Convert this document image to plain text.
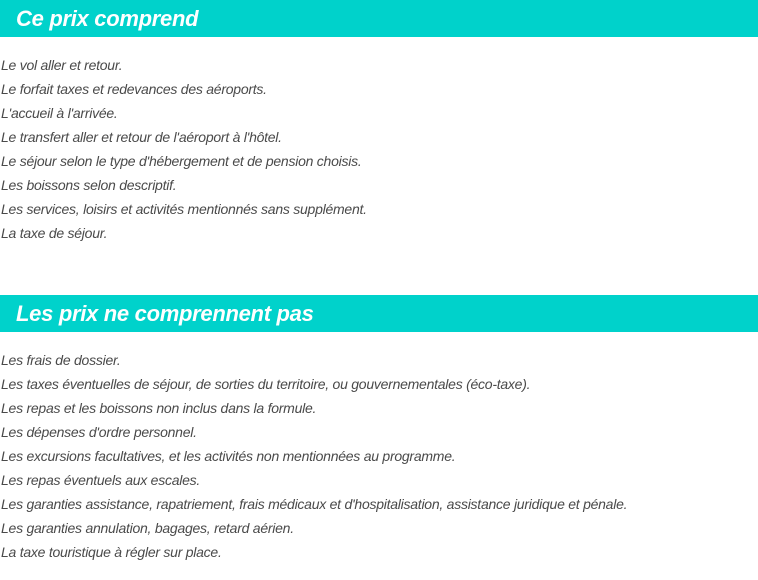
Ce prix comprend
Le vol aller et retour.
Le forfait taxes et redevances des aéroports.
L'accueil à l'arrivée.
Le transfert aller et retour de l'aéroport à l'hôtel.
Le séjour selon le type d'hébergement et de pension choisis.
Les boissons selon descriptif.
Les services, loisirs et activités mentionnés sans supplément.
La taxe de séjour.
Les prix ne comprennent pas
Les frais de dossier.
Les taxes éventuelles de séjour, de sorties du territoire, ou gouvernementales (éco-taxe).
Les repas et les boissons non inclus dans la formule.
Les dépenses d'ordre personnel.
Les excursions facultatives, et les activités non mentionnées au programme.
Les repas éventuels aux escales.
Les garanties assistance, rapatriement, frais médicaux et d'hospitalisation, assistance juridique et pénale.
Les garanties annulation, bagages, retard aérien.
La taxe touristique à régler sur place.
